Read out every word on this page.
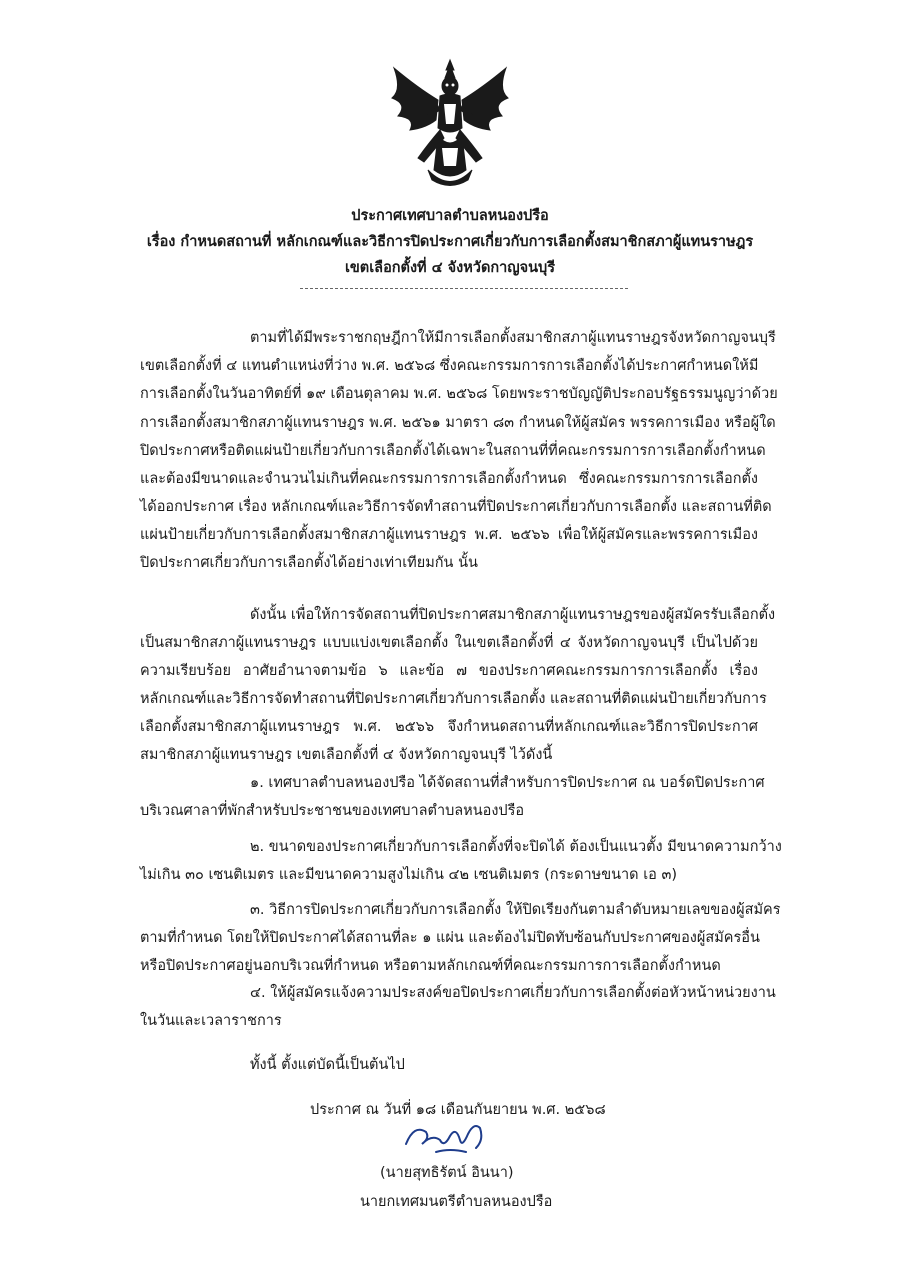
ประกาศเทศบาลตำบลหนองปรือ
เรื่อง กำหนดสถานที่ หลักเกณฑ์และวิธีการปิดประกาศเกี่ยวกับการเลือกตั้งสมาชิกสภาผู้แทนราษฎร
เขตเลือกตั้งที่ ๔ จังหวัดกาญจนบุรี
ตามที่ได้มีพระราชกฤษฎีกาให้มีการเลือกตั้งสมาชิกสภาผู้แทนราษฎรจังหวัดกาญจนบุรี
เขตเลือกตั้งที่ ๔ แทนตำแหน่งที่ว่าง พ.ศ. ๒๕๖๘ ซึ่งคณะกรรมการการเลือกตั้งได้ประกาศกำหนดให้มี
การเลือกตั้งในวันอาทิตย์ที่ ๑๙ เดือนตุลาคม พ.ศ. ๒๕๖๘ โดยพระราชบัญญัติประกอบรัฐธรรมนูญว่าด้วย
การเลือกตั้งสมาชิกสภาผู้แทนราษฎร พ.ศ. ๒๕๖๑ มาตรา ๘๓ กำหนดให้ผู้สมัคร พรรคการเมือง หรือผู้ใด
ปิดประกาศหรือติดแผ่นป้ายเกี่ยวกับการเลือกตั้งได้เฉพาะในสถานที่ที่คณะกรรมการการเลือกตั้งกำหนด
และต้องมีขนาดและจำนวนไม่เกินที่คณะกรรมการการเลือกตั้งกำหนด ซึ่งคณะกรรมการการเลือกตั้ง
ได้ออกประกาศ เรื่อง หลักเกณฑ์และวิธีการจัดทำสถานที่ปิดประกาศเกี่ยวกับการเลือกตั้ง และสถานที่ติด
แผ่นป้ายเกี่ยวกับการเลือกตั้งสมาชิกสภาผู้แทนราษฎร พ.ศ. ๒๕๖๖ เพื่อให้ผู้สมัครและพรรคการเมือง
ปิดประกาศเกี่ยวกับการเลือกตั้งได้อย่างเท่าเทียมกัน นั้น
ดังนั้น เพื่อให้การจัดสถานที่ปิดประกาศสมาชิกสภาผู้แทนราษฎรของผู้สมัครรับเลือกตั้ง
เป็นสมาชิกสภาผู้แทนราษฎร แบบแบ่งเขตเลือกตั้ง ในเขตเลือกตั้งที่ ๔ จังหวัดกาญจนบุรี เป็นไปด้วย
ความเรียบร้อย อาศัยอำนาจตามข้อ ๖ และข้อ ๗ ของประกาศคณะกรรมการการเลือกตั้ง เรื่อง
หลักเกณฑ์และวิธีการจัดทำสถานที่ปิดประกาศเกี่ยวกับการเลือกตั้ง และสถานที่ติดแผ่นป้ายเกี่ยวกับการ
เลือกตั้งสมาชิกสภาผู้แทนราษฎร พ.ศ. ๒๕๖๖ จึงกำหนดสถานที่หลักเกณฑ์และวิธีการปิดประกาศ
สมาชิกสภาผู้แทนราษฎร เขตเลือกตั้งที่ ๔ จังหวัดกาญจนบุรี ไว้ดังนี้
๑. เทศบาลตำบลหนองปรือ ได้จัดสถานที่สำหรับการปิดประกาศ ณ บอร์ดปิดประกาศ
บริเวณศาลาที่พักสำหรับประชาชนของเทศบาลตำบลหนองปรือ
๒. ขนาดของประกาศเกี่ยวกับการเลือกตั้งที่จะปิดได้ ต้องเป็นแนวตั้ง มีขนาดความกว้าง
ไม่เกิน ๓๐ เซนติเมตร และมีขนาดความสูงไม่เกิน ๔๒ เซนติเมตร (กระดาษขนาด เอ ๓)
๓. วิธีการปิดประกาศเกี่ยวกับการเลือกตั้ง ให้ปิดเรียงกันตามลำดับหมายเลขของผู้สมัคร
ตามที่กำหนด โดยให้ปิดประกาศได้สถานที่ละ ๑ แผ่น และต้องไม่ปิดทับซ้อนกับประกาศของผู้สมัครอื่น
หรือปิดประกาศอยู่นอกบริเวณที่กำหนด หรือตามหลักเกณฑ์ที่คณะกรรมการการเลือกตั้งกำหนด
๔. ให้ผู้สมัครแจ้งความประสงค์ขอปิดประกาศเกี่ยวกับการเลือกตั้งต่อหัวหน้าหน่วยงาน
ในวันและเวลาราชการ
ทั้งนี้ ตั้งแต่บัดนี้เป็นต้นไป
ประกาศ ณ วันที่ ๑๘ เดือนกันยายน พ.ศ. ๒๕๖๘
(นายสุทธิรัตน์ อินนา)
นายกเทศมนตรีตำบลหนองปรือ
